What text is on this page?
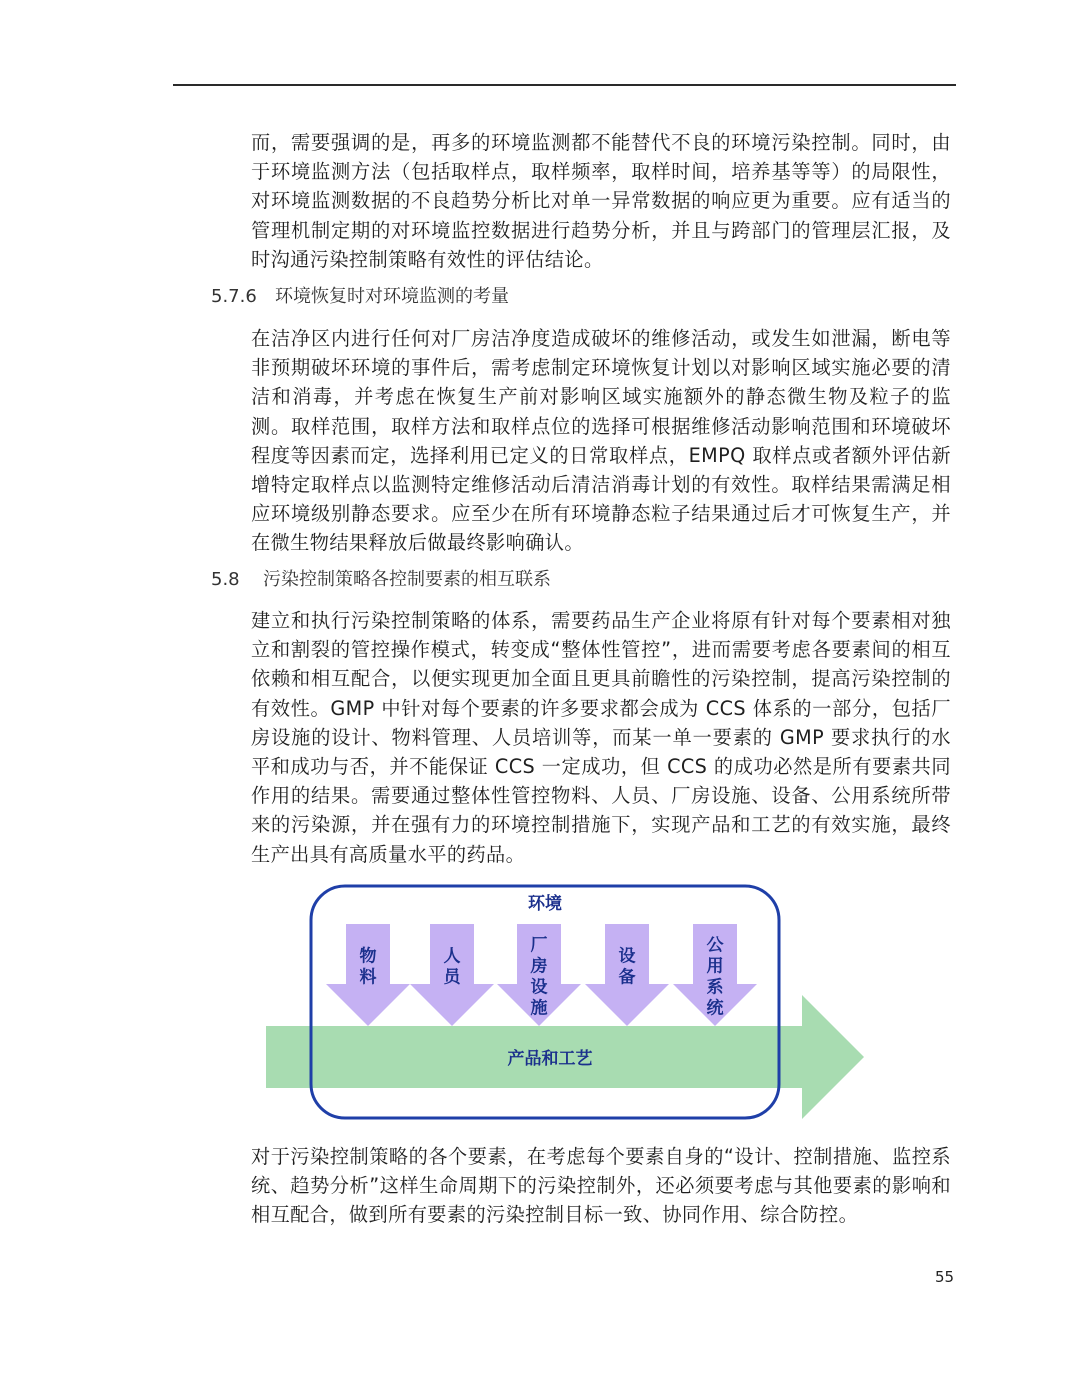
而，需要强调的是，再多的环境监测都不能替代不良的环境污染控制。同时，由于环境监测方法（包括取样点，取样频率，取样时间，培养基等等）的局限性，对环境监测数据的不良趋势分析比对单一异常数据的响应更为重要。应有适当的管理机制定期的对环境监控数据进行趋势分析，并且与跨部门的管理层汇报，及时沟通污染控制策略有效性的评估结论。

5.7.6 环境恢复时对环境监测的考量

在洁净区内进行任何对厂房洁净度造成破坏的维修活动，或发生如泄漏，断电等非预期破坏环境的事件后，需考虑制定环境恢复计划以对影响区域实施必要的清洁和消毒，并考虑在恢复生产前对影响区域实施额外的静态微生物及粒子的监测。取样范围，取样方法和取样点位的选择可根据维修活动影响范围和环境破坏程度等因素而定，选择利用已定义的日常取样点，EMPQ 取样点或者额外评估新增特定取样点以监测特定维修活动后清洁消毒计划的有效性。取样结果需满足相应环境级别静态要求。应至少在所有环境静态粒子结果通过后才可恢复生产，并在微生物结果释放后做最终影响确认。

5.8 污染控制策略各控制要素的相互联系

建立和执行污染控制策略的体系，需要药品生产企业将原有针对每个要素相对独立和割裂的管控操作模式，转变成“整体性管控”，进而需要考虑各要素间的相互依赖和相互配合，以便实现更加全面且更具前瞻性的污染控制，提高污染控制的有效性。GMP 中针对每个要素的许多要求都会成为 CCS 体系的一部分，包括厂房设施的设计、物料管理、人员培训等，而某一单一要素的 GMP 要求执行的水平和成功与否，并不能保证 CCS 一定成功，但 CCS 的成功必然是所有要素共同作用的结果。需要通过整体性管控物料、人员、厂房设施、设备、公用系统所带来的污染源，并在强有力的环境控制措施下，实现产品和工艺的有效实施，最终生产出具有高质量水平的药品。

物料
人员
厂房设施
设备
公用系统
环境
产品和工艺

对于污染控制策略的各个要素，在考虑每个要素自身的“设计、控制措施、监控系统、趋势分析”这样生命周期下的污染控制外，还必须要考虑与其他要素的影响和相互配合，做到所有要素的污染控制目标一致、协同作用、综合防控。

55
